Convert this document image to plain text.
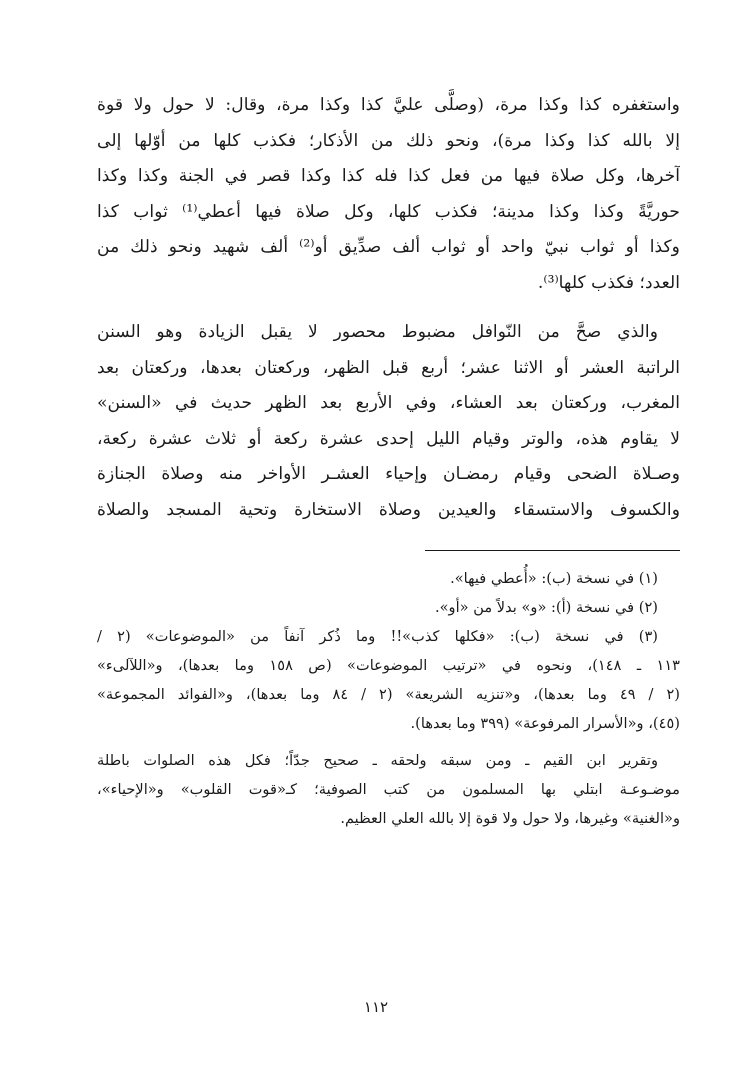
واستغفره كذا وكذا مرة، (وصلَّى عليَّ كذا وكذا مرة، وقال: لا حول ولا قوة
إلا بالله كذا وكذا مرة)، ونحو ذلك من الأذكار؛ فكذب كلها من أوّلها إلى
آخرها، وكل صلاة فيها من فعل كذا فله كذا وكذا قصر في الجنة وكذا وكذا
حوريَّةً وكذا وكذا مدينة؛ فكذب كلها، وكل صلاة فيها أعطي⁽¹⁾ ثواب كذا
وكذا أو ثواب نبيّ واحد أو ثواب ألف صدِّيق أو⁽²⁾ ألف شهيد ونحو ذلك من
العدد؛ فكذب كلها⁽³⁾.
والذي صحَّ من النّوافل مضبوط محصور لا يقبل الزيادة وهو السنن
الراتبة العشر أو الاثنا عشر؛ أربع قبل الظهر، وركعتان بعدها، وركعتان بعد
المغرب، وركعتان بعد العشاء، وفي الأربع بعد الظهر حديث في «السنن»
لا يقاوم هذه، والوتر وقيام الليل إحدى عشرة ركعة أو ثلاث عشرة ركعة،
وصـلاة الضحى وقيام رمضـان وإحياء العشـر الأواخر منه وصلاة الجنازة
والكسوف والاستسقاء والعيدين وصلاة الاستخارة وتحية المسجد والصلاة
(١) في نسخة (ب): «أُعطي فيها».
(٢) في نسخة (أ): «و» بدلاً من «أو».
(٣) في نسخة (ب): «فكلها كذب»!! وما ذُكر آنفاً من «الموضوعات» (٢ /
١١٣ ـ ١٤٨)، ونحوه في «ترتيب الموضوعات» (ص ١٥٨ وما بعدها)، و«اللآلىء»
(٢ / ٤٩ وما بعدها)، و«تنزيه الشريعة» (٢ / ٨٤ وما بعدها)، و«الفوائد المجموعة»
(٤٥)، و«الأسرار المرفوعة» (٣٩٩ وما بعدها).
وتقرير ابن القيم ـ ومن سبقه ولحقه ـ صحيح جدّاً؛ فكل هذه الصلوات باطلة
موضـوعـة ابتلي بها المسلمون من كتب الصوفية؛ كـ«قوت القلوب» و«الإحياء»،
و«الغنية» وغيرها، ولا حول ولا قوة إلا بالله العلي العظيم.
١١٢
